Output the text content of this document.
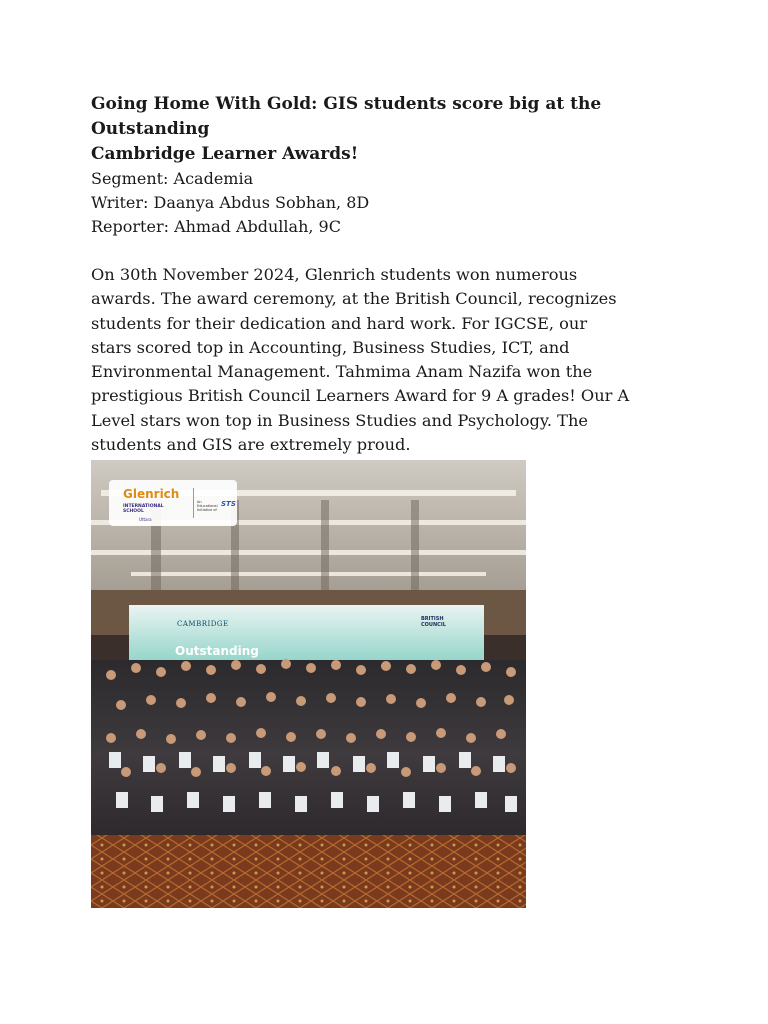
Going Home With Gold: GIS students score big at the Outstanding
Cambridge Learner Awards!

Segment: Academia

Writer: Daanya Abdus Sobhan, 8D

Reporter: Ahmad Abdullah, 9C

On 30th November 2024, Glenrich students won numerous

awards. The award ceremony, at the British Council, recognizes

students for their dedication and hard work. For IGCSE, our

stars scored top in Accounting, Business Studies, ICT, and

Environmental Management. Tahmima Anam Nazifa won the

prestigious British Council Learners Award for 9 A grades! Our A

Level stars won top in Business Studies and Psychology. The

students and GIS are extremely proud.

Glenrich
INTERNATIONAL SCHOOL
Uttara
An Educational Initiative of
STS
CAMBRIDGE
BRITISH COUNCIL
Outstanding
